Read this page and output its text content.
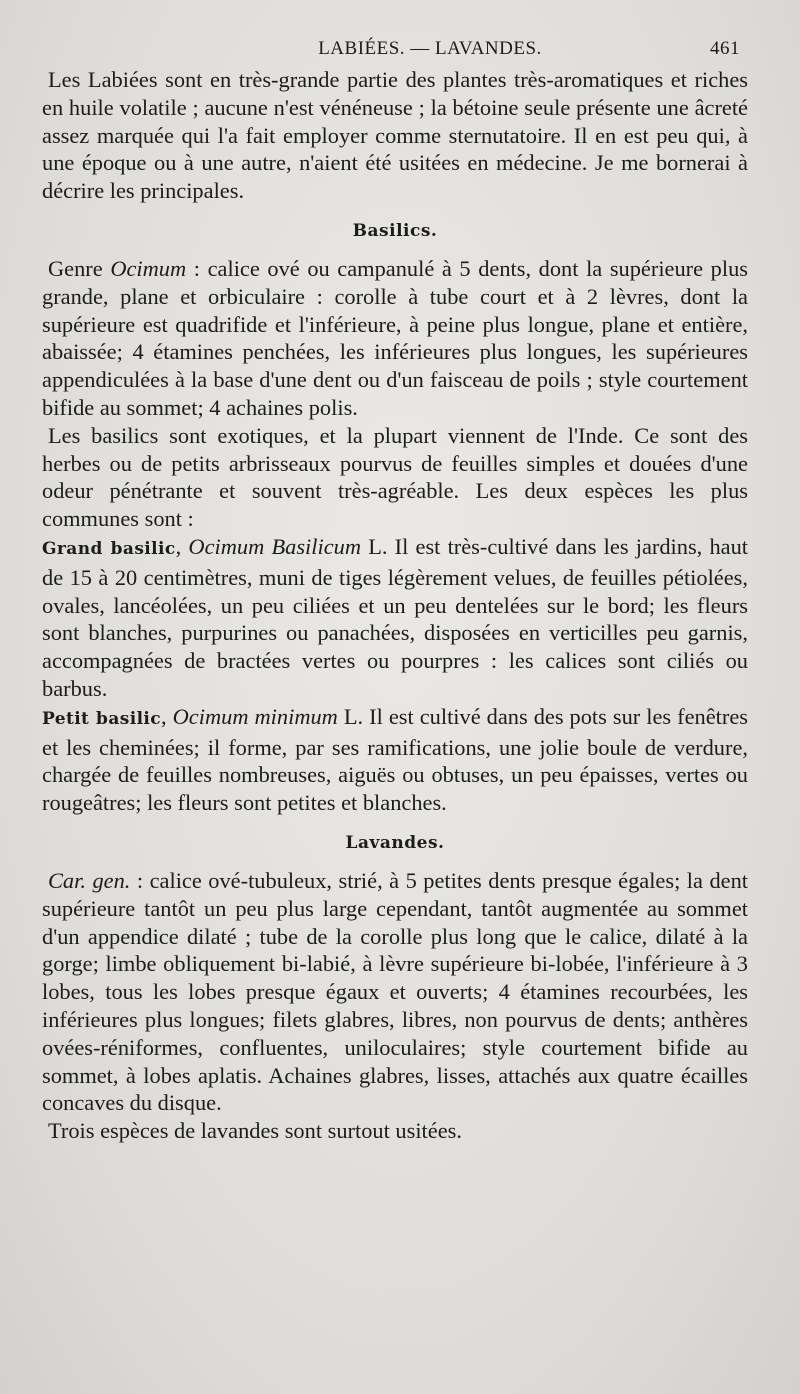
LABIÉES. — LAVANDES.	461

Les Labiées sont en très-grande partie des plantes très-aromatiques et riches en huile volatile ; aucune n'est vénéneuse ; la bétoine seule présente une âcreté assez marquée qui l'a fait employer comme sternutatoire. Il en est peu qui, à une époque ou à une autre, n'aient été usitées en médecine. Je me bornerai à décrire les principales.

Basilics.

Genre Ocimum : calice ové ou campanulé à 5 dents, dont la supérieure plus grande, plane et orbiculaire : corolle à tube court et à 2 lèvres, dont la supérieure est quadrifide et l'inférieure, à peine plus longue, plane et entière, abaissée; 4 étamines penchées, les inférieures plus longues, les supérieures appendiculées à la base d'une dent ou d'un faisceau de poils ; style courtement bifide au sommet; 4 achaines polis.

Les basilics sont exotiques, et la plupart viennent de l'Inde. Ce sont des herbes ou de petits arbrisseaux pourvus de feuilles simples et douées d'une odeur pénétrante et souvent très-agréable. Les deux espèces les plus communes sont :

Grand basilic, Ocimum Basilicum L. Il est très-cultivé dans les jardins, haut de 15 à 20 centimètres, muni de tiges légèrement velues, de feuilles pétiolées, ovales, lancéolées, un peu ciliées et un peu dentelées sur le bord; les fleurs sont blanches, purpurines ou panachées, disposées en verticilles peu garnis, accompagnées de bractées vertes ou pourpres : les calices sont ciliés ou barbus.

Petit basilic, Ocimum minimum L. Il est cultivé dans des pots sur les fenêtres et les cheminées; il forme, par ses ramifications, une jolie boule de verdure, chargée de feuilles nombreuses, aiguës ou obtuses, un peu épaisses, vertes ou rougeâtres; les fleurs sont petites et blanches.

Lavandes.

Car. gen. : calice ové-tubuleux, strié, à 5 petites dents presque égales; la dent supérieure tantôt un peu plus large cependant, tantôt augmentée au sommet d'un appendice dilaté ; tube de la corolle plus long que le calice, dilaté à la gorge; limbe obliquement bi-labié, à lèvre supérieure bi-lobée, l'inférieure à 3 lobes, tous les lobes presque égaux et ouverts; 4 étamines recourbées, les inférieures plus longues; filets glabres, libres, non pourvus de dents; anthères ovées-réniformes, confluentes, uniloculaires; style courtement bifide au sommet, à lobes aplatis. Achaines glabres, lisses, attachés aux quatre écailles concaves du disque.

Trois espèces de lavandes sont surtout usitées.
